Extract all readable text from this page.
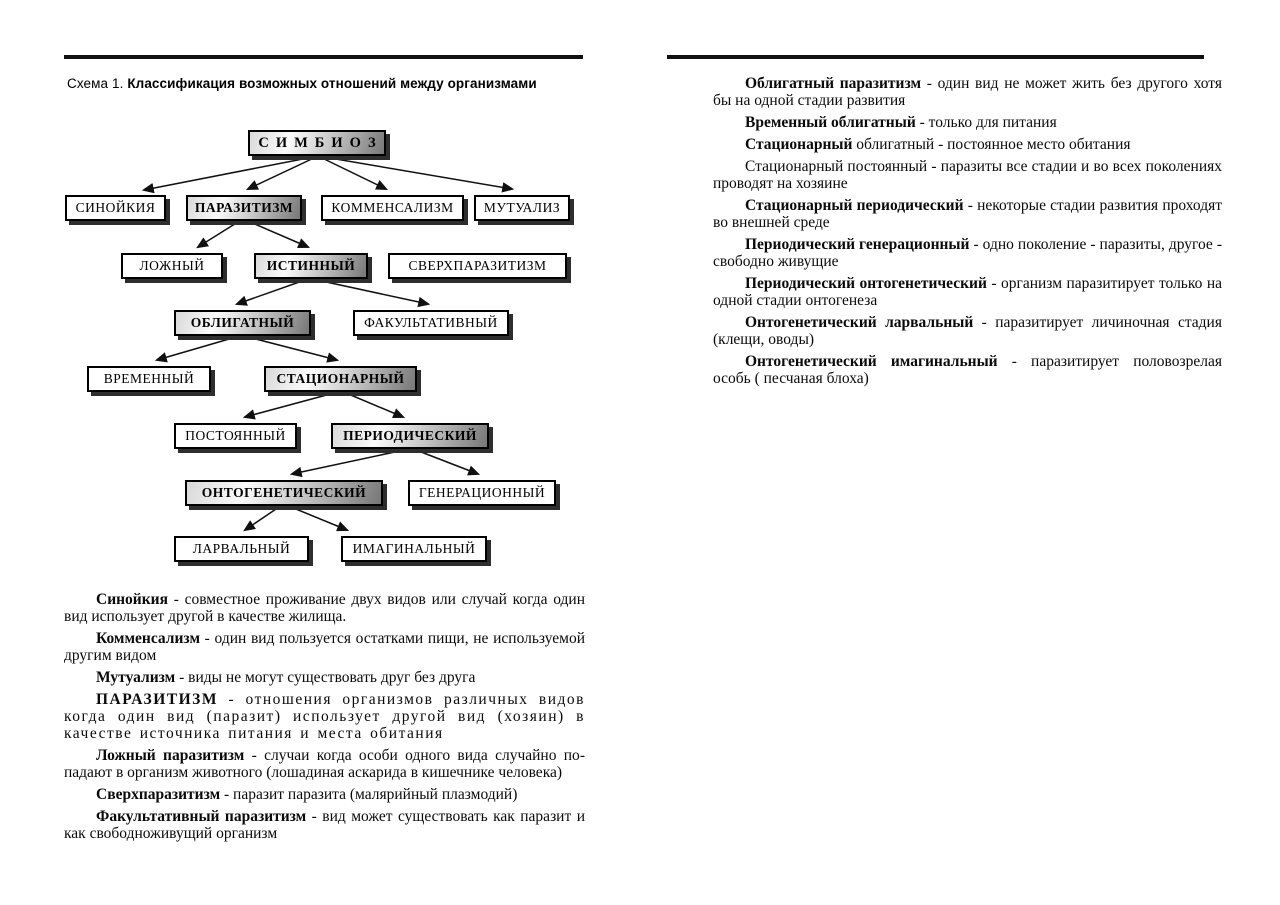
Схема 1. Классификация возможных отношений между организмами
СИМБИОЗ
СИНОЙКИЯ	ПАРАЗИТИЗМ	КОММЕНСАЛИЗМ	МУТУАЛИЗ
ЛОЖНЫЙ	ИСТИННЫЙ	СВЕРХПАРАЗИТИЗМ
ОБЛИГАТНЫЙ	ФАКУЛЬТАТИВНЫЙ
ВРЕМЕННЫЙ	СТАЦИОНАРНЫЙ
ПОСТОЯННЫЙ	ПЕРИОДИЧЕСКИЙ
ОНТОГЕНЕТИЧЕСКИЙ	ГЕНЕРАЦИОННЫЙ
ЛАРВАЛЬНЫЙ	ИМАГИНАЛЬНЫЙ

Синойкия - совместное проживание двух видов или случай когда один вид использует другой в качестве жилища.

Комменсализм - один вид пользуется остатками пищи, не используемой другим видом

Мутуализм - виды не могут существовать друг без друга

ПАРАЗИТИЗМ - отношения организмов различных видов когда один вид (паразит) использует другой вид (хозяин) в качестве источника питания и места обитания

Ложный паразитизм - случаи когда особи одного вида случайно попадают в организм животного (лошадиная аскарида в кишечнике человека)

Сверхпаразитизм - паразит паразита (малярийный плазмодий)

Факультативный паразитизм - вид может существовать как паразит и как свободноживущий организм

Облигатный паразитизм - один вид не может жить без другого хотя бы на одной стадии развития

Временный облигатный - только для питания

Стационарный облигатный - постоянное место обитания

Стационарный постоянный - паразиты все стадии и во всех поколениях проводят на хозяине

Стационарный периодический - некоторые стадии развития проходят во внешней среде

Периодический генерационный - одно поколение - паразиты, другое - свободно живущие

Периодический онтогенетический - организм паразитирует только на одной стадии онтогенеза

Онтогенетический ларвальный - паразитирует личиночная стадия (клещи, оводы)

Онтогенетический имагинальный - паразитирует половозрелая особь ( песчаная блоха)
